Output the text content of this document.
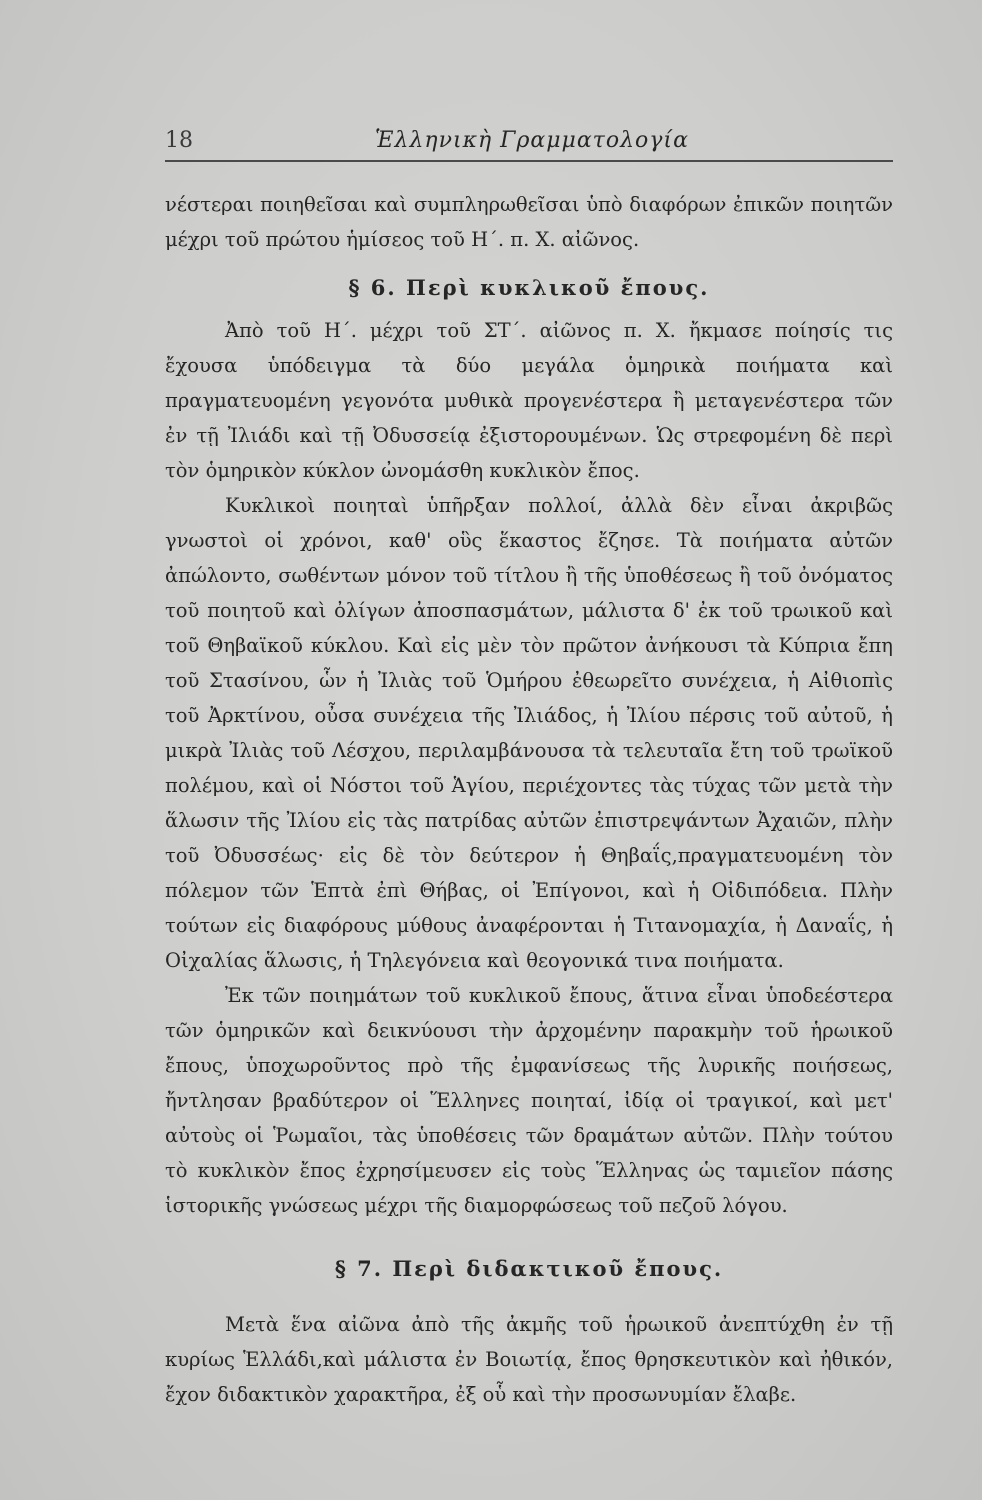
18	Ἑλληνικὴ Γραμματολογία

νέστεραι ποιηθεῖσαι καὶ συμπληρωθεῖσαι ὑπὸ διαφόρων ἐπικῶν ποιητῶν μέχρι τοῦ πρώτου ἡμίσεος τοῦ Η΄. π. Χ. αἰῶνος.

§ 6. Περὶ κυκλικοῦ ἔπους.

Ἀπὸ τοῦ Η΄. μέχρι τοῦ ΣΤ΄. αἰῶνος π. Χ. ἤκμασε ποίησίς τις ἔχουσα ὑπόδειγμα τὰ δύο μεγάλα ὁμηρικὰ ποιήματα καὶ πραγματευομένη γεγονότα μυθικὰ προγενέστερα ἢ μεταγενέστερα τῶν ἐν τῇ Ἰλιάδι καὶ τῇ Ὀδυσσείᾳ ἐξιστορουμένων. Ὡς στρεφομένη δὲ περὶ τὸν ὁμηρικὸν κύκλον ὠνομάσθη κυκλικὸν ἔπος.

Κυκλικοὶ ποιηταὶ ὑπῆρξαν πολλοί, ἀλλὰ δὲν εἶναι ἀκριβῶς γνωστοὶ οἱ χρόνοι, καθ' οὓς ἕκαστος ἔζησε. Τὰ ποιήματα αὐτῶν ἀπώλοντο, σωθέντων μόνον τοῦ τίτλου ἢ τῆς ὑποθέσεως ἢ τοῦ ὀνόματος τοῦ ποιητοῦ καὶ ὀλίγων ἀποσπασμάτων, μάλιστα δ' ἐκ τοῦ τρωικοῦ καὶ τοῦ Θηβαϊκοῦ κύκλου. Καὶ εἰς μὲν τὸν πρῶτον ἀνήκουσι τὰ Κύπρια ἔπη τοῦ Στασίνου, ὧν ἡ Ἰλιὰς τοῦ Ὁμήρου ἐθεωρεῖτο συνέχεια, ἡ Αἰθιοπὶς τοῦ Ἀρκτίνου, οὖσα συνέχεια τῆς Ἰλιάδος, ἡ Ἰλίου πέρσις τοῦ αὐτοῦ, ἡ μικρὰ Ἰλιὰς τοῦ Λέσχου, περιλαμβάνουσα τὰ τελευταῖα ἔτη τοῦ τρωϊκοῦ πολέμου, καὶ οἱ Νόστοι τοῦ Ἁγίου, περιέχοντες τὰς τύχας τῶν μετὰ τὴν ἅλωσιν τῆς Ἰλίου εἰς τὰς πατρίδας αὐτῶν ἐπιστρεψάντων Ἀχαιῶν, πλὴν τοῦ Ὀδυσσέως· εἰς δὲ τὸν δεύτερον ἡ Θηβαΐς,πραγματευομένη τὸν πόλεμον τῶν Ἑπτὰ ἐπὶ Θήβας, οἱ Ἐπίγονοι, καὶ ἡ Οἰδιπόδεια. Πλὴν τούτων εἰς διαφόρους μύθους ἀναφέρονται ἡ Τιτανομαχία, ἡ Δαναΐς, ἡ Οἰχαλίας ἅλωσις, ἡ Τηλεγόνεια καὶ θεογονικά τινα ποιήματα.

Ἐκ τῶν ποιημάτων τοῦ κυκλικοῦ ἔπους, ἅτινα εἶναι ὑποδεέστερα τῶν ὁμηρικῶν καὶ δεικνύουσι τὴν ἀρχομένην παρακμὴν τοῦ ἡρωικοῦ ἔπους, ὑποχωροῦντος πρὸ τῆς ἐμφανίσεως τῆς λυρικῆς ποιήσεως, ἤντλησαν βραδύτερον οἱ Ἕλληνες ποιηταί, ἰδίᾳ οἱ τραγικοί, καὶ μετ' αὐτοὺς οἱ Ῥωμαῖοι, τὰς ὑποθέσεις τῶν δραμάτων αὐτῶν. Πλὴν τούτου τὸ κυκλικὸν ἔπος ἐχρησίμευσεν εἰς τοὺς Ἕλληνας ὡς ταμιεῖον πάσης ἱστορικῆς γνώσεως μέχρι τῆς διαμορφώσεως τοῦ πεζοῦ λόγου.

§ 7. Περὶ διδακτικοῦ ἔπους.

Μετὰ ἕνα αἰῶνα ἀπὸ τῆς ἀκμῆς τοῦ ἡρωικοῦ ἀνεπτύχθη ἐν τῇ κυρίως Ἑλλάδι,καὶ μάλιστα ἐν Βοιωτίᾳ, ἔπος θρησκευτικὸν καὶ ἠθικόν, ἔχον διδακτικὸν χαρακτῆρα, ἐξ οὗ καὶ τὴν προσωνυμίαν ἔλαβε.
